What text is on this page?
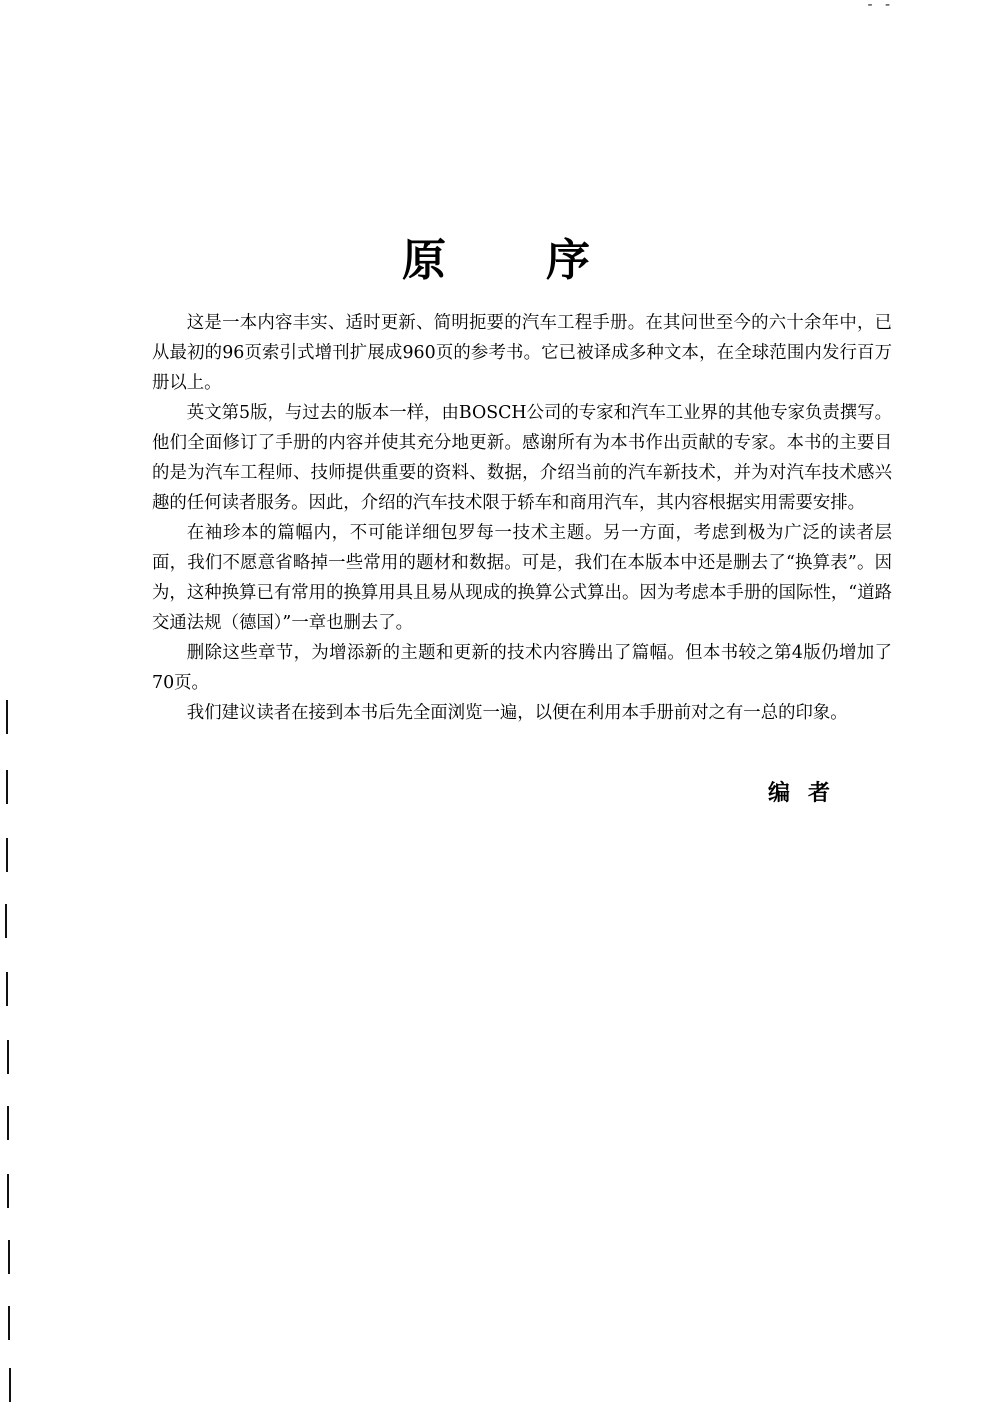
- -
原序

这是一本内容丰实、适时更新、简明扼要的汽车工程手册。在其问世至今的六十余年中，已从最初的96页索引式增刊扩展成960页的参考书。它已被译成多种文本，在全球范围内发行百万册以上。

英文第5版，与过去的版本一样，由BOSCH公司的专家和汽车工业界的其他专家负责撰写。他们全面修订了手册的内容并使其充分地更新。感谢所有为本书作出贡献的专家。本书的主要目的是为汽车工程师、技师提供重要的资料、数据，介绍当前的汽车新技术，并为对汽车技术感兴趣的任何读者服务。因此，介绍的汽车技术限于轿车和商用汽车，其内容根据实用需要安排。

在袖珍本的篇幅内，不可能详细包罗每一技术主题。另一方面，考虑到极为广泛的读者层面，我们不愿意省略掉一些常用的题材和数据。可是，我们在本版本中还是删去了“换算表”。因为，这种换算已有常用的换算用具且易从现成的换算公式算出。因为考虑本手册的国际性，“道路交通法规（德国）”一章也删去了。

删除这些章节，为增添新的主题和更新的技术内容腾出了篇幅。但本书较之第4版仍增加了70页。

我们建议读者在接到本书后先全面浏览一遍，以便在利用本手册前对之有一总的印象。

编者
